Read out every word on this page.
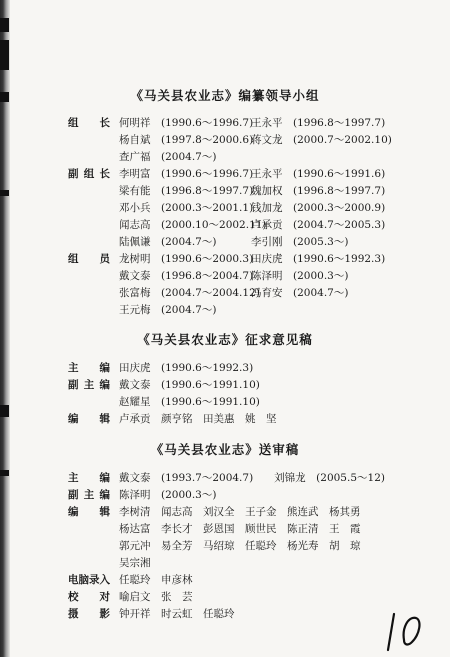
《马关县农业志》编纂领导小组
组　长 何明祥　(1990.6～1996.7)
王永平　(1996.8～1997.7)
杨自斌　(1997.8～2000.6)
蒋文龙　(2000.7～2002.10)
查广福　(2004.7～)
副组长 李明富　(1990.6～1996.7)
王永平　(1990.6～1991.6)
梁有能　(1996.8～1997.7)
魏加权　(1996.8～1997.7)
邓小兵　(2000.3～2001.1)
钱加龙　(2000.3～2000.9)
闻志高　(2000.10～2002.11)
卢承贡　(2004.7～2005.3)
陆佩谦　(2004.7～)	李引刚　(2005.3～)
组　员 龙树明　(1990.6～2000.3)
田庆虎　(1990.6～1992.3)
戴文泰　(1996.8～2004.7)
陈泽明　(2000.3～)
张富梅　(2004.7～2004.12)
冯育安　(2004.7～)
王元梅　(2004.7～)
《马关县农业志》征求意见稿
主　编 田庆虎　(1990.6～1992.3)
副主编 戴文泰　(1990.6～1991.10)
赵耀星　(1990.6～1991.10)
编　辑 卢承贡　颜亨铭　田美惠　姚　坚
《马关县农业志》送审稿
主　编 戴文泰　(1993.7～2004.7)　　刘锦龙　(2005.5～12)
副主编 陈泽明　(2000.3～)
编　辑 李树清　闻志高　刘汉全　王子金　熊连武　杨其勇
杨达富　李长才　彭恩国　顾世民　陈正清　王　霞
郭元冲　易全芳　马绍琼　任聪玲　杨光寿　胡　琼
吴宗湘
电脑录入 任聪玲　申彦林
校　对 喻启文　张　芸
摄　影 钟开祥　时云虹　任聪玲
